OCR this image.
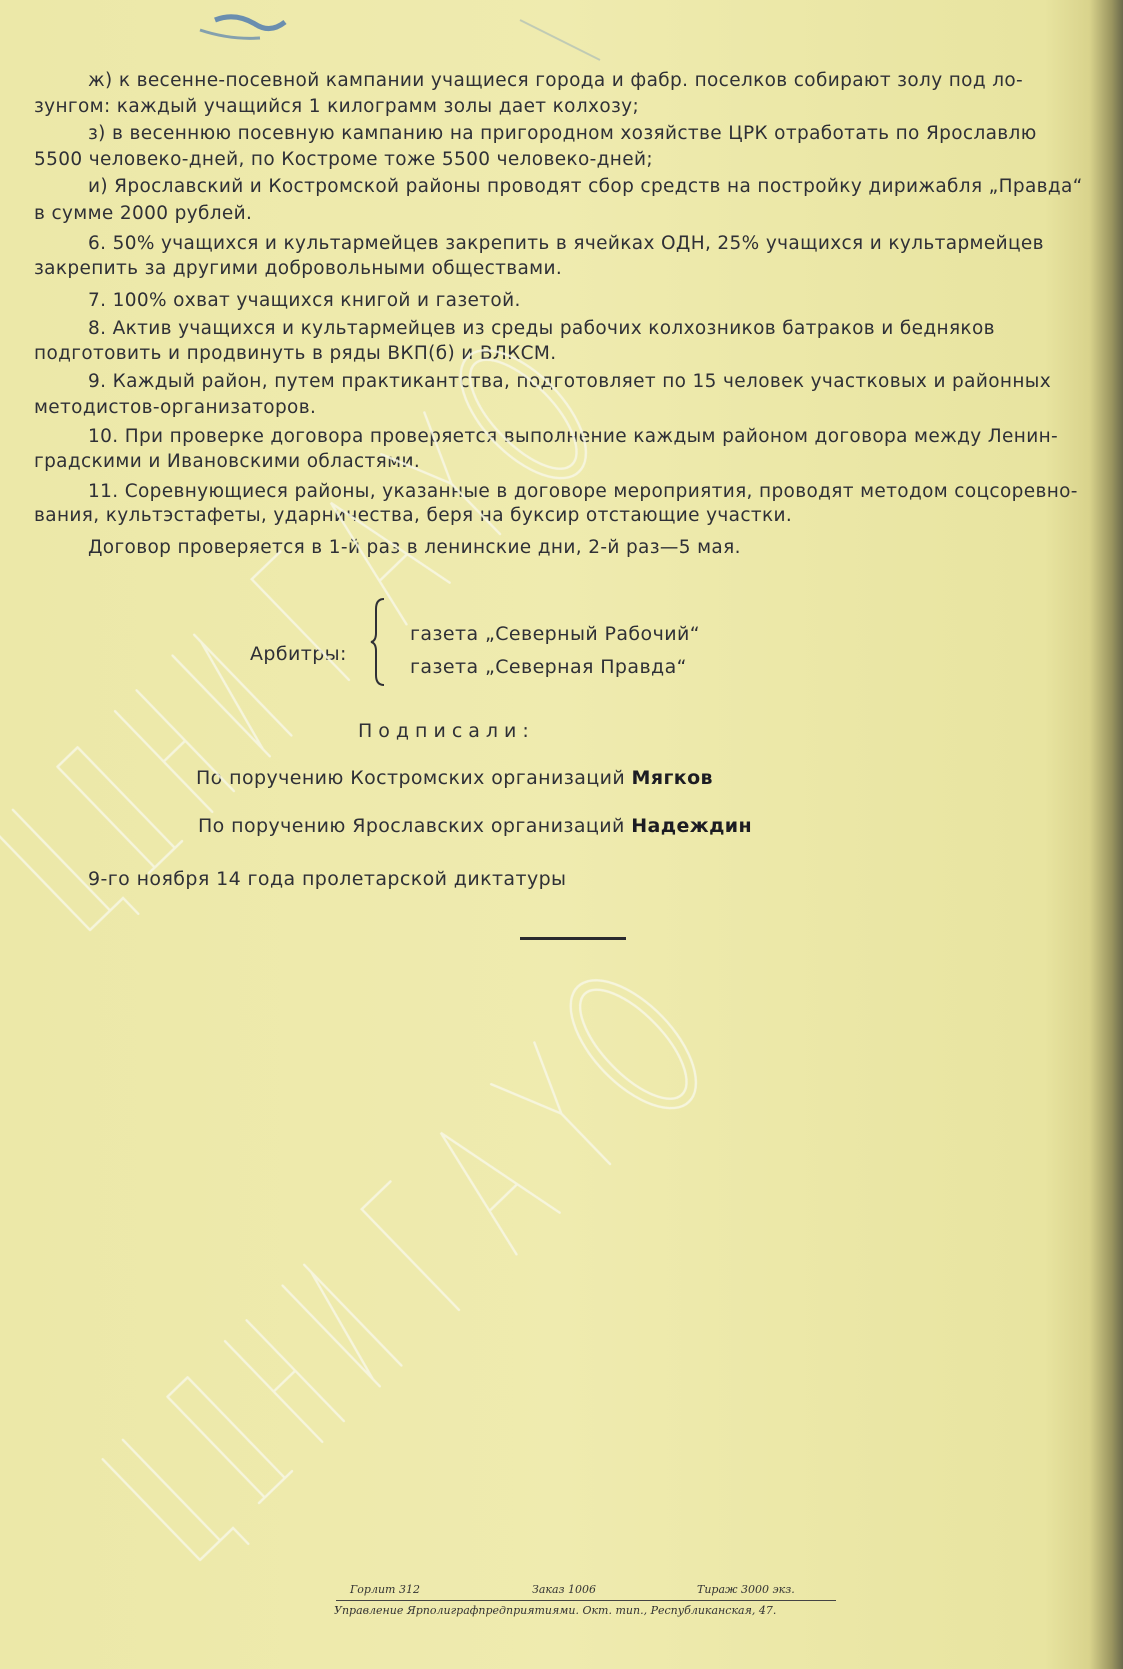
ж) к весенне-посевной кампании учащиеся города и фабр. поселков собирают золу под ло-

зунгом: каждый учащийся 1 килограмм золы дает колхозу;

з) в весеннюю посевную кампанию на пригородном хозяйстве ЦРК отработать по Ярославлю

5500 человеко-дней, по Костроме тоже 5500 человеко-дней;

и) Ярославский и Костромской районы проводят сбор средств на постройку дирижабля „Правда“

в сумме 2000 рублей.

6. 50% учащихся и культармейцев закрепить в ячейках ОДН, 25% учащихся и культармейцев

закрепить за другими добровольными обществами.

7. 100% охват учащихся книгой и газетой.

8. Актив учащихся и культармейцев из среды рабочих колхозников батраков и бедняков

подготовить и продвинуть в ряды ВКП(б) и ВЛКСМ.

9. Каждый район, путем практикантства, подготовляет по 15 человек участковых и районных

методистов-организаторов.

10. При проверке договора проверяется выполнение каждым районом договора между Ленин-

градскими и Ивановскими областями.

11. Соревнующиеся районы, указанные в договоре мероприятия, проводят методом соцсоревно-

вания, культэстафеты, ударничества, беря на буксир отстающие участки.

Договор проверяется в 1-й раз в ленинские дни, 2-й раз—5 мая.

Арбитры:

газета „Северный Рабочий“

газета „Северная Правда“

Подписали:

По поручению Костромских организаций Мягков

По поручению Ярославских организаций Надеждин

9-го ноября 14 года пролетарской диктатуры

Горлит 312	Заказ 1006	Тираж 3000 экз.

Управление Ярполиграфпредприятиями. Окт. тип., Республиканская, 47.
